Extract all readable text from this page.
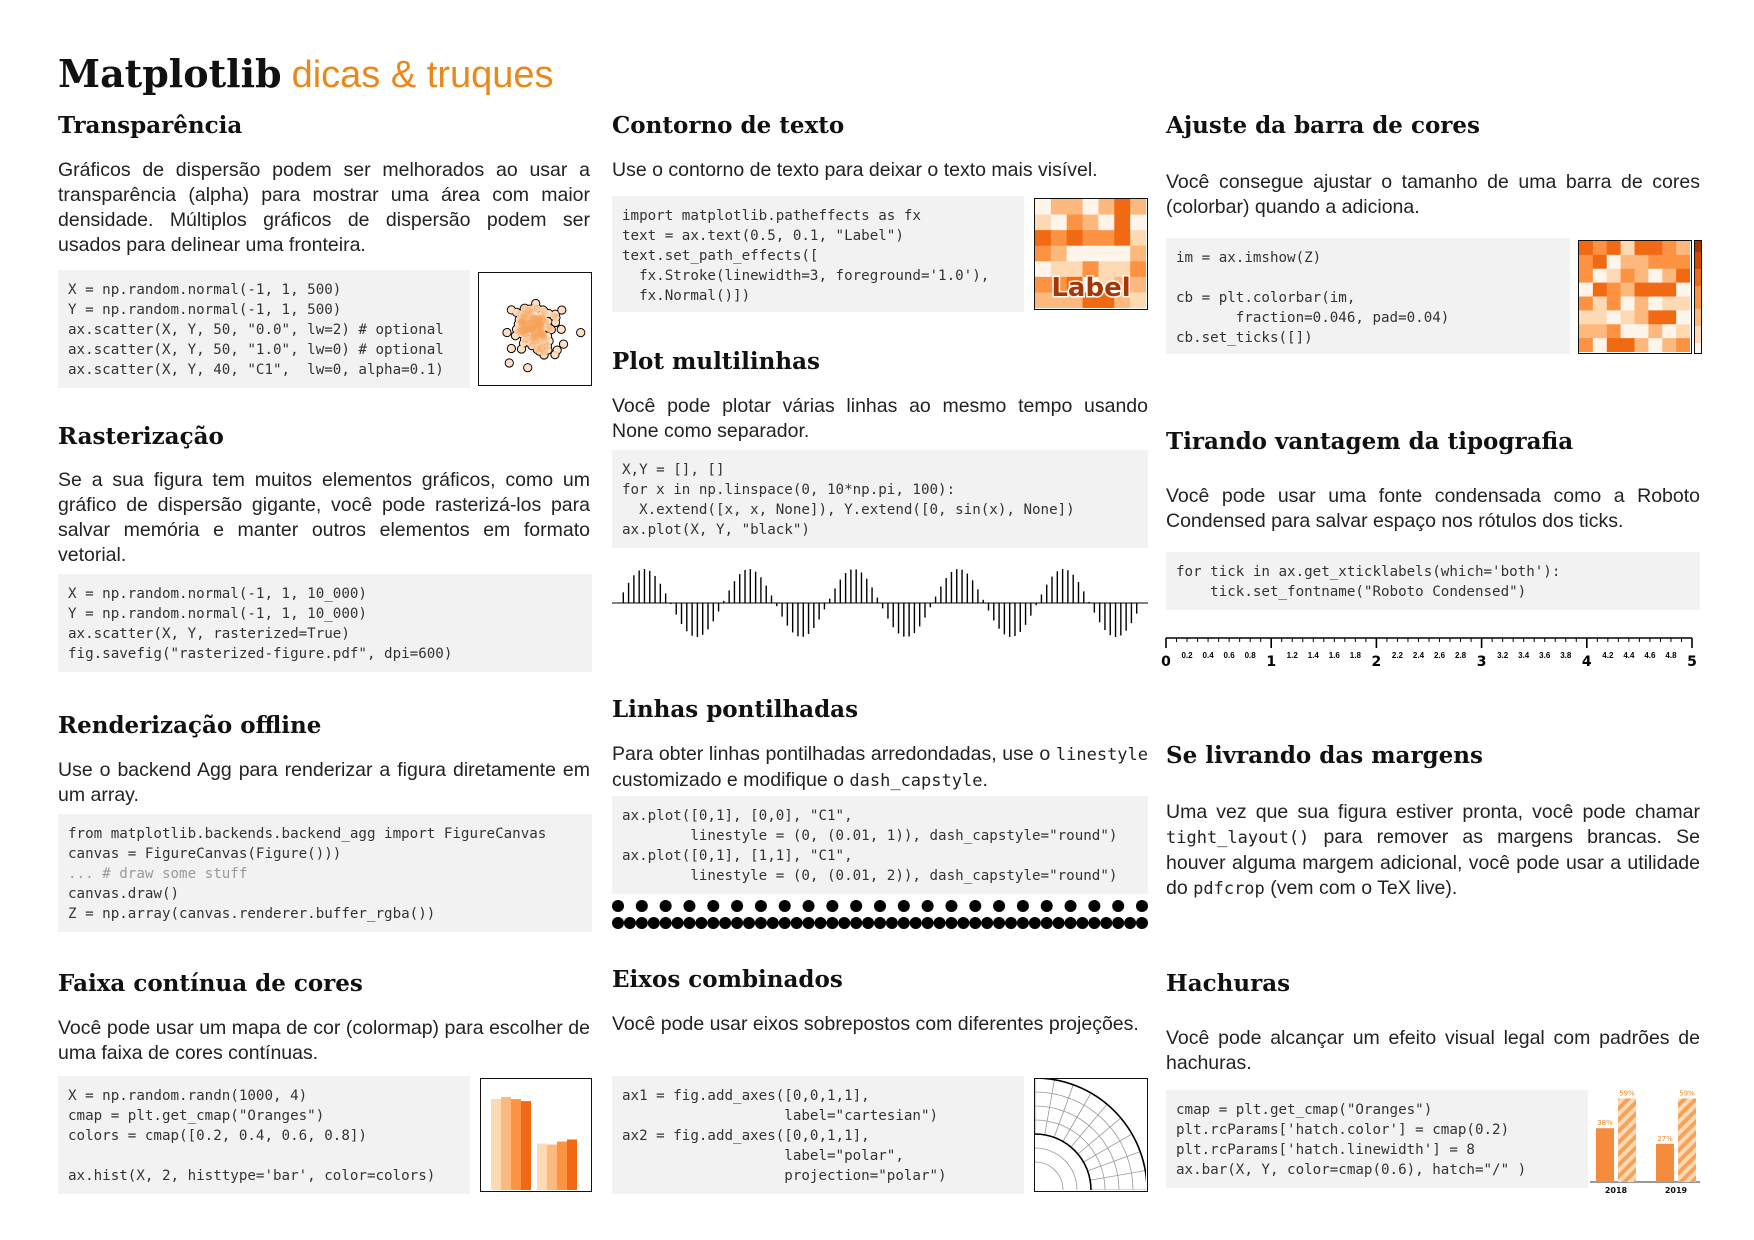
Matplotlib dicas & truques
Transparência
Gráficos de dispersão podem ser melhorados ao usar a transparência (alpha) para mostrar uma área com maior densidade. Múltiplos gráficos de dispersão podem ser usados para delinear uma fronteira.
X = np.random.normal(-1, 1, 500)
Y = np.random.normal(-1, 1, 500)
ax.scatter(X, Y, 50, "0.0", lw=2) # optional
ax.scatter(X, Y, 50, "1.0", lw=0) # optional
ax.scatter(X, Y, 40, "C1",  lw=0, alpha=0.1)
Rasterização
Se a sua figura tem muitos elementos gráficos, como um gráfico de dispersão gigante, você pode rasterizá-los para salvar memória e manter outros elementos em formato vetorial.
X = np.random.normal(-1, 1, 10_000)
Y = np.random.normal(-1, 1, 10_000)
ax.scatter(X, Y, rasterized=True)
fig.savefig("rasterized-figure.pdf", dpi=600)
Renderização offline
Use o backend Agg para renderizar a figura diretamente em um array.
from matplotlib.backends.backend_agg import FigureCanvas
canvas = FigureCanvas(Figure()))
... # draw some stuff
canvas.draw()
Z = np.array(canvas.renderer.buffer_rgba())
Faixa contínua de cores
Você pode usar um mapa de cor (colormap) para escolher de uma faixa de cores contínuas.
X = np.random.randn(1000, 4)
cmap = plt.get_cmap("Oranges")
colors = cmap([0.2, 0.4, 0.6, 0.8])

ax.hist(X, 2, histtype='bar', color=colors)
Contorno de texto
Use o contorno de texto para deixar o texto mais visível.
import matplotlib.patheffects as fx
text = ax.text(0.5, 0.1, "Label")
text.set_path_effects([
fx.Stroke(linewidth=3, foreground='1.0'),
fx.Normal()])	Label
Plot multilinhas
Você pode plotar várias linhas ao mesmo tempo usando None como separador.
X,Y = [], []
for x in np.linspace(0, 10*np.pi, 100):
X.extend([x, x, None]), Y.extend([0, sin(x), None])
ax.plot(X, Y, "black")
Linhas pontilhadas
Para obter linhas pontilhadas arredondadas, use o linestyle customizado e modifique o dash_capstyle.
ax.plot([0,1], [0,0], "C1",
linestyle = (0, (0.01, 1)), dash_capstyle="round")
ax.plot([0,1], [1,1], "C1",
linestyle = (0, (0.01, 2)), dash_capstyle="round")
Eixos combinados
Você pode usar eixos sobrepostos com diferentes projeções.
ax1 = fig.add_axes([0,0,1,1],
label="cartesian")
ax2 = fig.add_axes([0,0,1,1],
label="polar",
projection="polar")
Ajuste da barra de cores
Você consegue ajustar o tamanho de uma barra de cores (colorbar) quando a adiciona.
im = ax.imshow(Z)

cb = plt.colorbar(im,
fraction=0.046, pad=0.04)
cb.set_ticks([])
Tirando vantagem da tipografia
Você pode usar uma fonte condensada como a Roboto Condensed para salvar espaço nos rótulos dos ticks.
for tick in ax.get_xticklabels(which='both'):
tick.set_fontname("Roboto Condensed")
0	1	2	3	4	5
0.2 0.4 0.6 0.8	1.2 1.4 1.6 1.8	2.2 2.4 2.6 2.8	3.2 3.4 3.6 3.8	4.2 4.4 4.6 4.8
Se livrando das margens
Uma vez que sua figura estiver pronta, você pode chamar tight_layout() para remover as margens brancas. Se houver alguma margem adicional, você pode usar a utilidade do pdfcrop (vem com o TeX live).
Hachuras
Você pode alcançar um efeito visual legal com padrões de hachuras.
cmap = plt.get_cmap("Oranges")
plt.rcParams['hatch.color'] = cmap(0.2)
plt.rcParams['hatch.linewidth'] = 8
ax.bar(X, Y, color=cmap(0.6), hatch="/" )
38%
59%
2018
27%
59%
2019
